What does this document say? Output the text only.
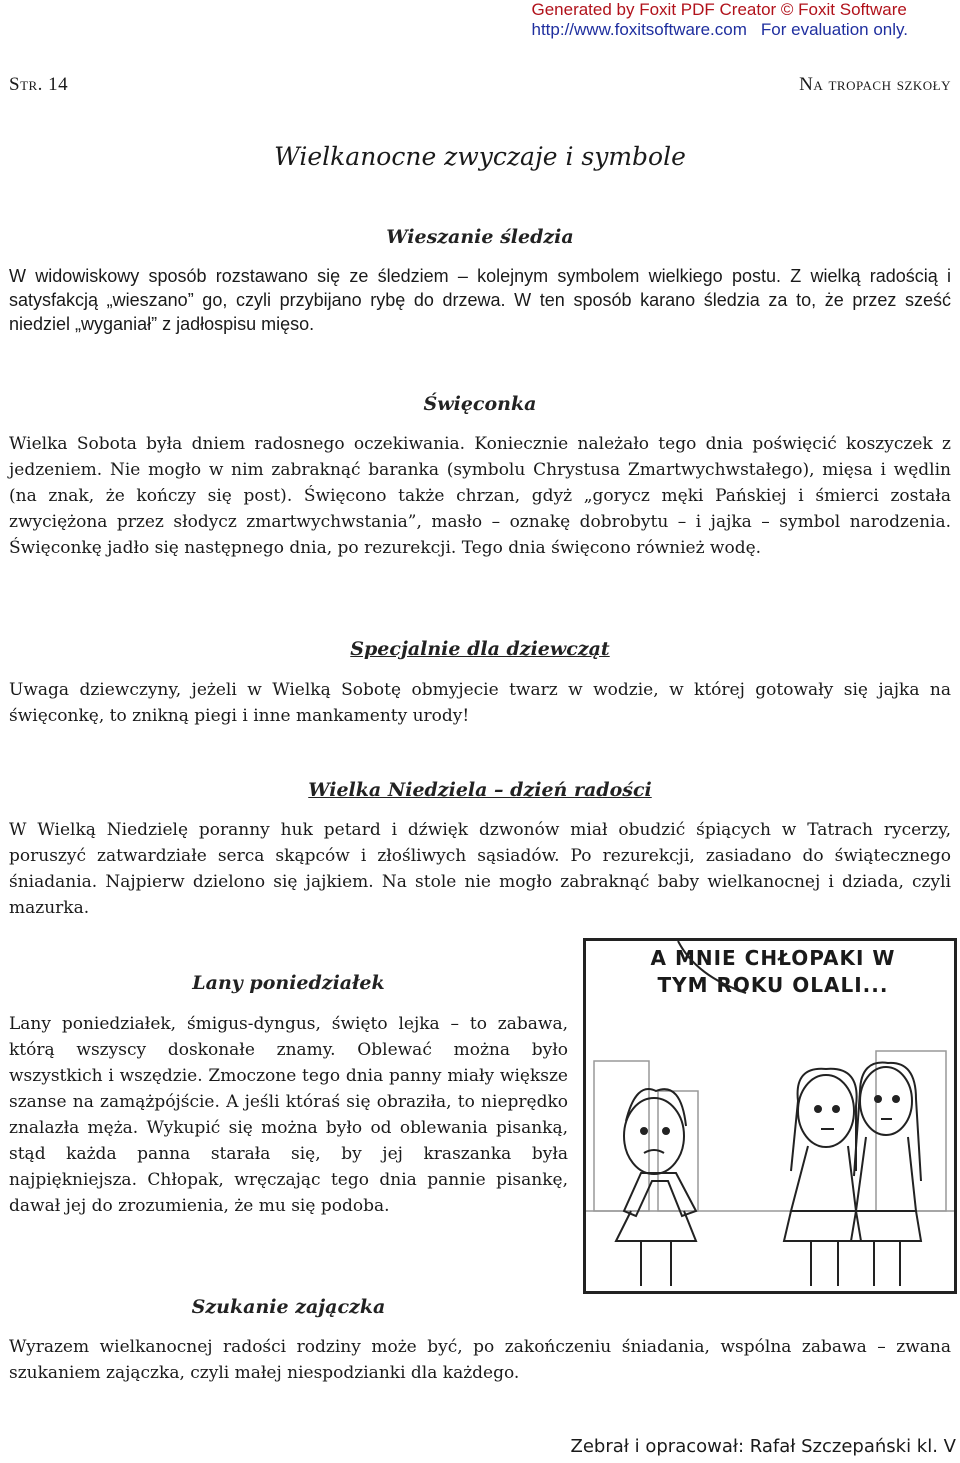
Generated by Foxit PDF Creator © Foxit Software
http://www.foxitsoftware.com For evaluation only.
Str. 14	Na tropach szkoły
Wielkanocne zwyczaje i symbole
Wieszanie śledzia
W widowiskowy sposób rozstawano się ze śledziem – kolejnym symbolem wielkiego postu. Z wielką radością i satysfakcją „wieszano” go, czyli przybijano rybę do drzewa. W ten sposób karano śledzia za to, że przez sześć niedziel „wyganiał” z jadłospisu mięso.
Święconka
Wielka Sobota była dniem radosnego oczekiwania. Koniecznie należało tego dnia poświęcić koszyczek z jedzeniem. Nie mogło w nim zabraknąć baranka (symbolu Chrystusa Zmartwychwstałego), mięsa i wędlin (na znak, że kończy się post). Święcono także chrzan, gdyż „gorycz męki Pańskiej i śmierci została zwyciężona przez słodycz zmartwychwstania”, masło – oznakę dobrobytu – i jajka – symbol narodzenia. Święconkę jadło się następnego dnia, po rezurekcji. Tego dnia święcono również wodę.
Specjalnie dla dziewcząt
Uwaga dziewczyny, jeżeli w Wielką Sobotę obmyjecie twarz w wodzie, w której gotowały się jajka na święconkę, to znikną piegi i inne mankamenty urody!
Wielka Niedziela – dzień radości
W Wielką Niedzielę poranny huk petard i dźwięk dzwonów miał obudzić śpiących w Tatrach rycerzy, poruszyć zatwardziałe serca skąpców i złośliwych sąsiadów. Po rezurekcji, zasiadano do świątecznego śniadania. Najpierw dzielono się jajkiem. Na stole nie mogło zabraknąć baby wielkanocnej i dziada, czyli mazurka.
Lany poniedziałek
Lany poniedziałek, śmigus-dyngus, święto lejka – to zabawa, którą wszyscy doskonałe znamy. Oblewać można było wszystkich i wszędzie. Zmoczone tego dnia panny miały większe szanse na zamążpójście. A jeśli któraś się obraziła, to nieprędko znalazła męża. Wykupić się można było od oblewania pisanką, stąd każda panna starała się, by jej kraszanka była najpiękniejsza. Chłopak, wręczając tego dnia pannie pisankę, dawał jej do zrozumienia, że mu się podoba.
A MNIE CHŁOPAKI W
TYM ROKU OLALI...
Szukanie zajączka
Wyrazem wielkanocnej radości rodziny może być, po zakończeniu śniadania, wspólna zabawa – zwana szukaniem zajączka, czyli małej niespodzianki dla każdego.
Zebrał i opracował: Rafał Szczepański kl. V
